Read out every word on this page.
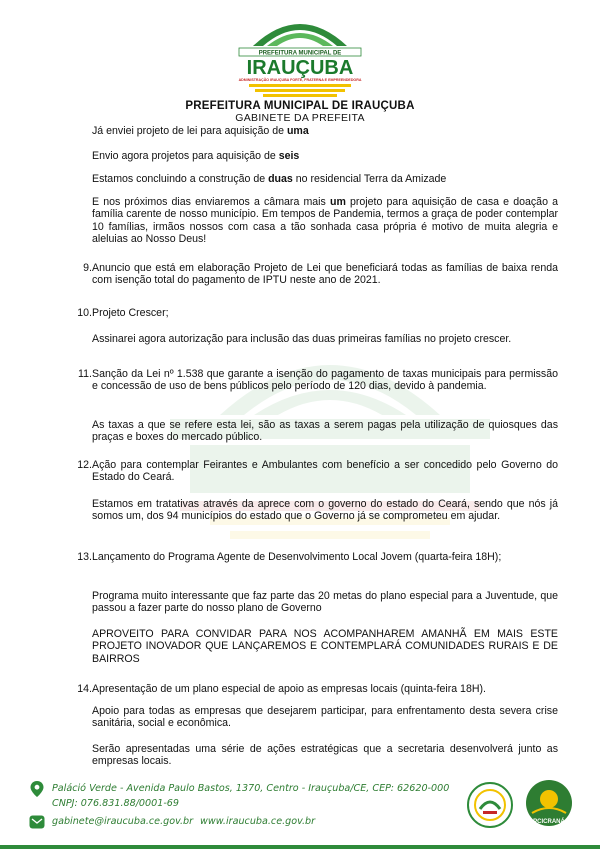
PREFEITURA MUNICIPAL DE
IRAUÇUBA
ADMINISTRAÇÃO IRAUÇUBA FORTE, FRATERNA E EMPREENDEDORA
PREFEITURA MUNICIPAL DE IRAUÇUBA
GABINETE DA PREFEITA
Já enviei projeto de lei para aquisição de uma
Envio agora projetos para aquisição de seis
Estamos concluindo a construção de duas no residencial Terra da Amizade
E nos próximos dias enviaremos a câmara mais um projeto para aquisição de casa e doação a família carente de nosso município. Em tempos de Pandemia, termos a graça de poder contemplar 10 famílias, irmãos nossos com casa a tão sonhada casa própria é motivo de muita alegria e aleluias ao Nosso Deus!
9. Anuncio que está em elaboração Projeto de Lei que beneficiará todas as famílias de baixa renda com isenção total do pagamento de IPTU neste ano de 2021.
10. Projeto Crescer;
Assinarei agora autorização para inclusão das duas primeiras famílias no projeto crescer.
11. Sanção da Lei nº 1.538 que garante a isenção do pagamento de taxas municipais para permissão e concessão de uso de bens públicos pelo período de 120 dias, devido à pandemia.
As taxas a que se refere esta lei, são as taxas a serem pagas pela utilização de quiosques das praças e boxes do mercado público.
12. Ação para contemplar Feirantes e Ambulantes com benefício a ser concedido pelo Governo do Estado do Ceará.
Estamos em tratativas através da aprece com o governo do estado do Ceará, sendo que nós já somos um, dos 94 municípios do estado que o Governo já se comprometeu em ajudar.
13. Lançamento do Programa Agente de Desenvolvimento Local Jovem (quarta-feira 18H);
Programa muito interessante que faz parte das 20 metas do plano especial para a Juventude, que passou a fazer parte do nosso plano de Governo
APROVEITO PARA CONVIDAR PARA NOS ACOMPANHAREM AMANHÃ EM MAIS ESTE PROJETO INOVADOR QUE LANÇAREMOS E CONTEMPLARÁ COMUNIDADES RURAIS E DE BAIRROS
14. Apresentação de um plano especial de apoio as empresas locais (quinta-feira 18H).
Apoio para todas as empresas que desejarem participar, para enfrentamento desta severa crise sanitária, social e econômica.
Serão apresentadas uma série de ações estratégicas que a secretaria desenvolverá junto as empresas locais.
Paláció Verde - Avenida Paulo Bastos, 1370, Centro - Irauçuba/CE, CEP: 62620-000
CNPJ: 076.831.88/0001-69
gabinete@iraucuba.ce.gov.br www.iraucuba.ce.gov.br	PCICRANÁ
